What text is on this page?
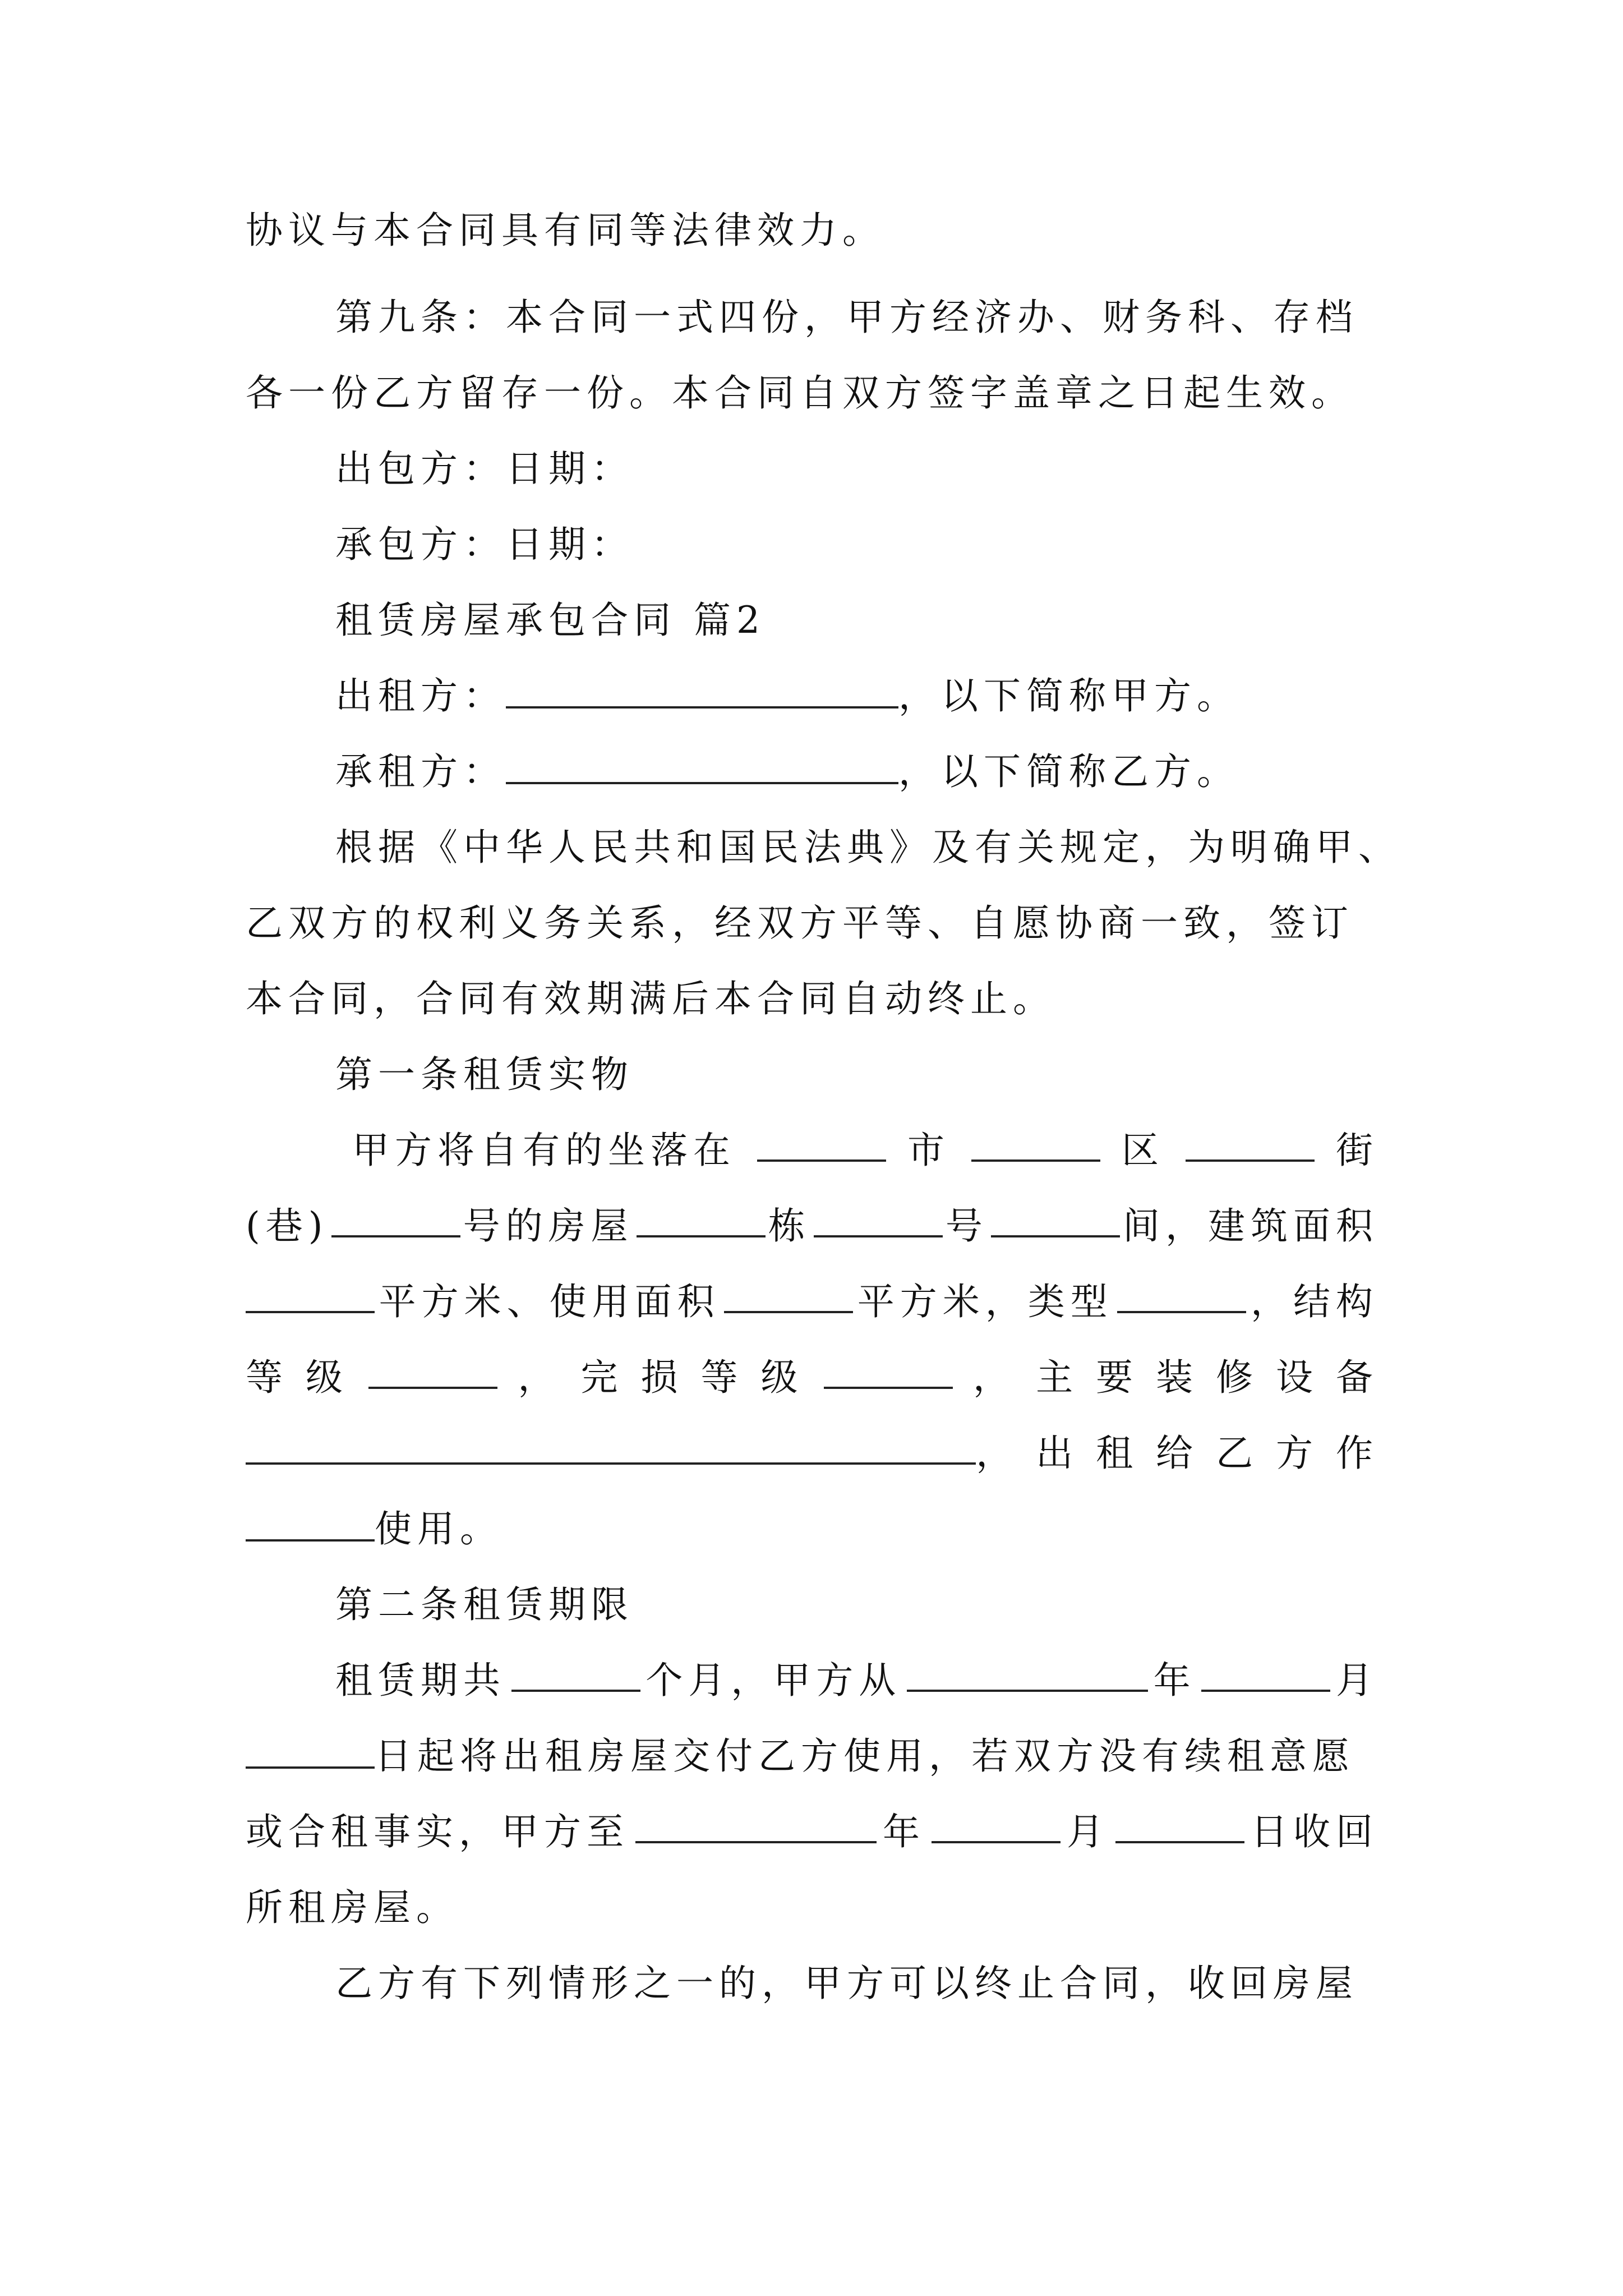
协议与本合同具有同等法律效力。
第九条：本合同一式四份，甲方经济办、财务科、存档
各一份乙方留存一份。本合同自双方签字盖章之日起生效。
出包方：日期：
承包方：日期：
租赁房屋承包合同 篇2
出租方：	，以下简称甲方。
承租方：	，以下简称乙方。
根据《中华人民共和国民法典》及有关规定，为明确甲、
乙双方的权利义务关系，经双方平等、自愿协商一致，签订
本合同，合同有效期满后本合同自动终止。
第一条租赁实物
甲方将自有的坐落在	市	区	街
(巷)	号的房屋	栋	号	间，建筑面积
平方米、使用面积	平方米，类型	，结构
等 级	， 完 损 等 级	， 主 要 装 修 设 备
， 出 租 给 乙 方 作
使用。
第二条租赁期限
租赁期共	个月，甲方从	年	月
日起将出租房屋交付乙方使用，若双方没有续租意愿
或合租事实，甲方至	年	月	日收回
所租房屋。
乙方有下列情形之一的，甲方可以终止合同，收回房屋
